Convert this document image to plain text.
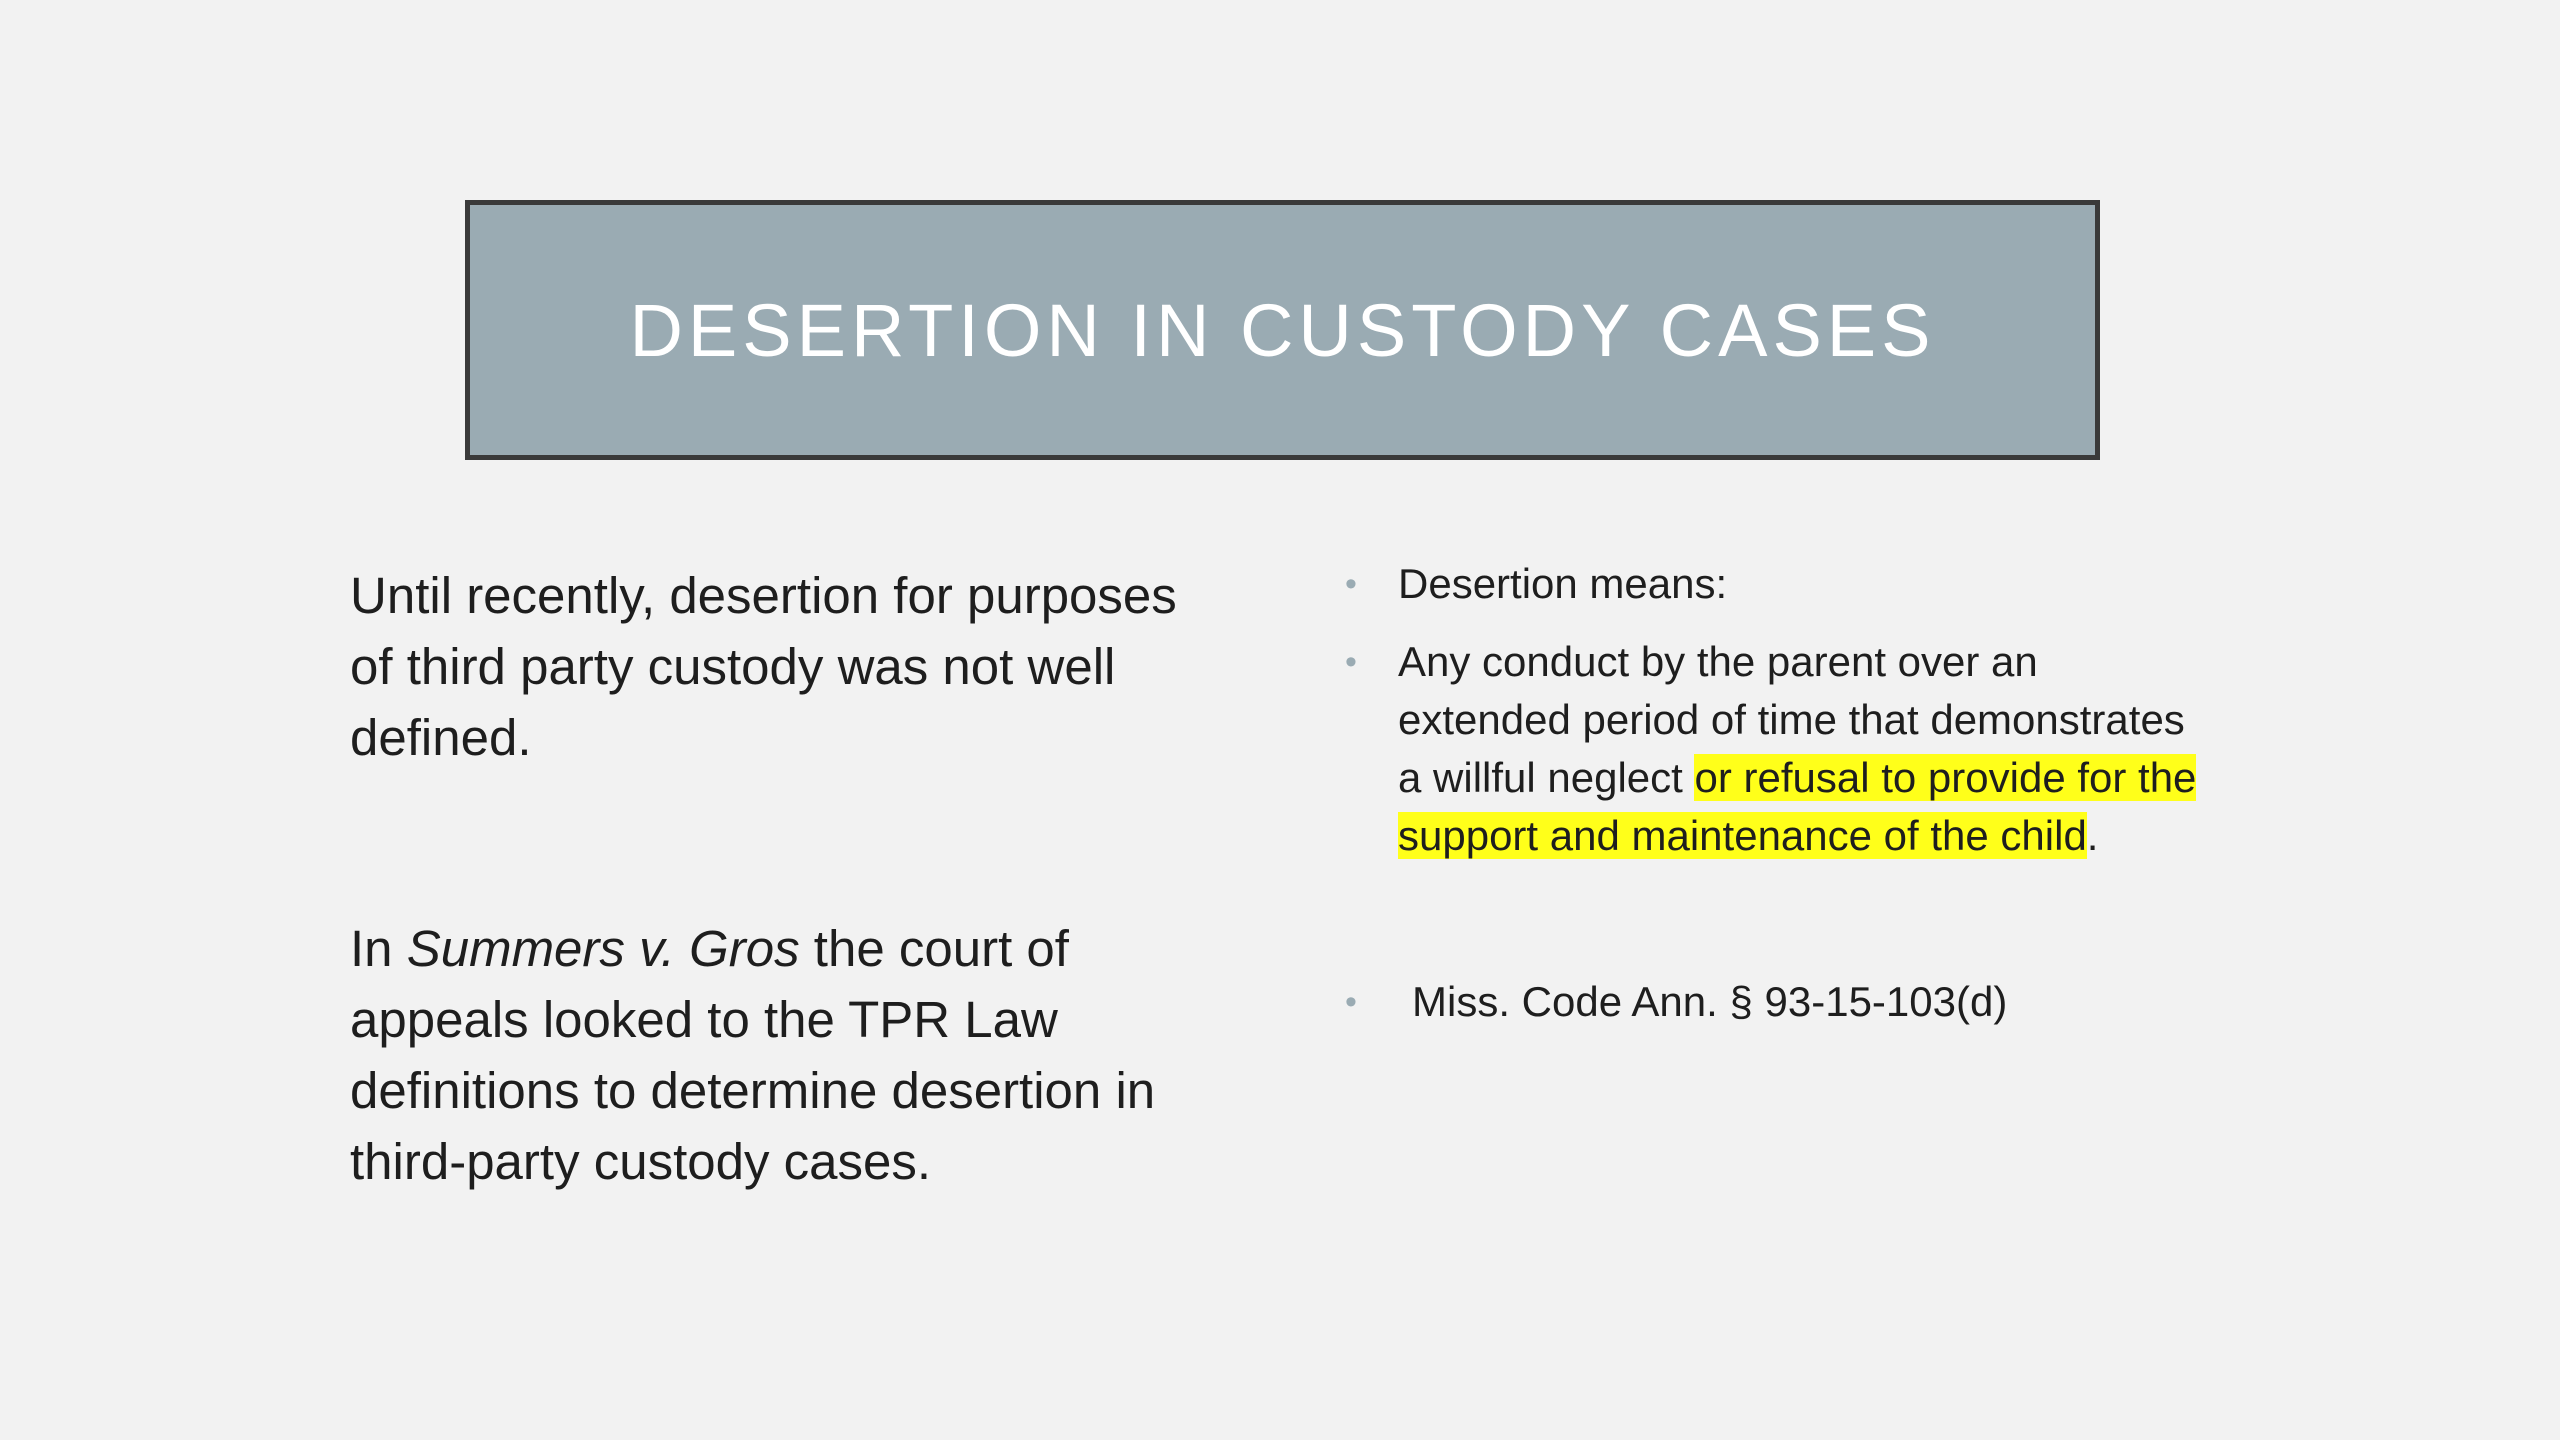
DESERTION IN CUSTODY CASES

Until recently, desertion for purposes of third party custody was not well defined.

In Summers v. Gros the court of appeals looked to the TPR Law definitions to determine desertion in third-party custody cases.

• Desertion means:
• Any conduct by the parent over an extended period of time that demonstrates a willful neglect or refusal to provide for the support and maintenance of the child.
• Miss. Code Ann. § 93-15-103(d)
